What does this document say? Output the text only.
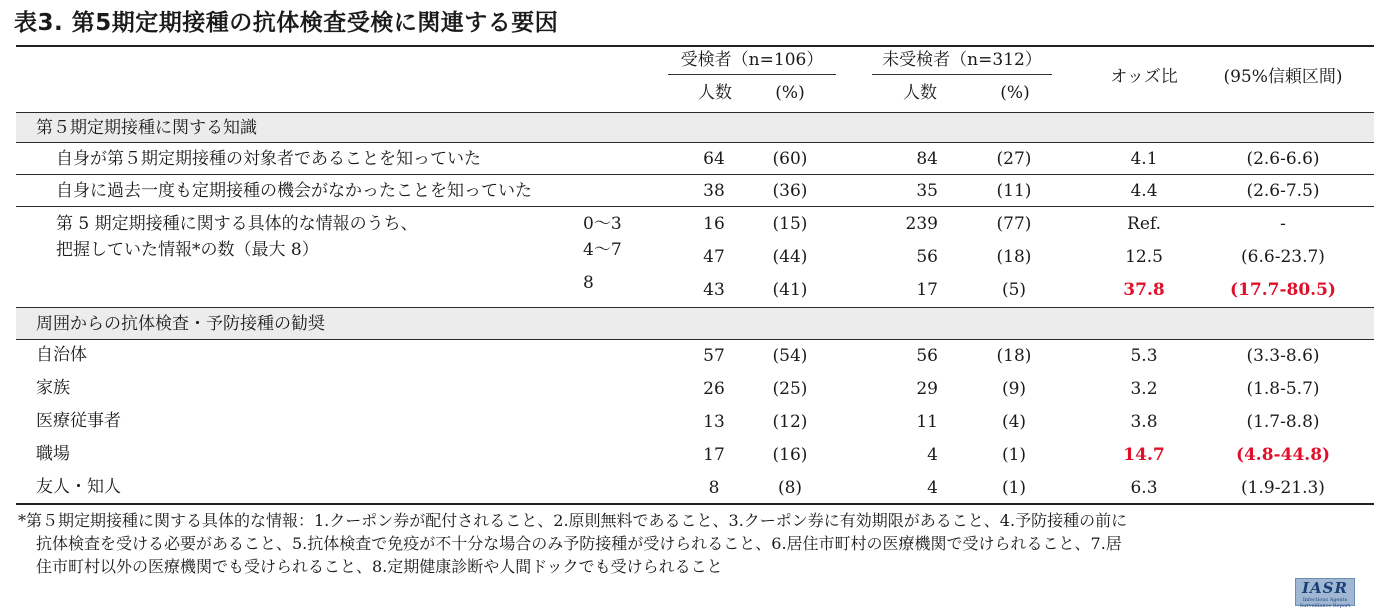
表3. 第5期定期接種の抗体検査受検に関連する要因
受検者（n=106）	未受検者（n=312）
人数	(%)	人数	(%)
オッズ比	(95%信頼区間)
第５期定期接種に関する知識
自身が第５期定期接種の対象者であることを知っていた	64	(60)	84	(27)	4.1	(2.6-6.6)
自身に過去一度も定期接種の機会がなかったことを知っていた	38	(36)	35	(11)	4.4	(2.6-7.5)
第 5 期定期接種に関する具体的な情報のうち、	0～3	16	(15)	239	(77)	Ref.	-
把握していた情報*の数（最大 8）	4～7	47	(44)	56	(18)	12.5	(6.6-23.7)
8	43	(41)	17	(5)	37.8	(17.7-80.5)
周囲からの抗体検査・予防接種の勧奨
自治体	57	(54)	56	(18)	5.3	(3.3-8.6)
家族	26	(25)	29	(9)	3.2	(1.8-5.7)
医療従事者	13	(12)	11	(4)	3.8	(1.7-8.8)
職場	17	(16)	4	(1)	14.7	(4.8-44.8)
友人・知人	8	(8)	4	(1)	6.3	(1.9-21.3)
*第５期定期接種に関する具体的な情報：1.クーポン券が配付されること、2.原則無料であること、3.クーポン券に有効期限があること、4.予防接種の前に
抗体検査を受ける必要があること、5.抗体検査で免疫が不十分な場合のみ予防接種が受けられること、6.居住市町村の医療機関で受けられること、7.居
住市町村以外の医療機関でも受けられること、8.定期健康診断や人間ドックでも受けられること
IASR
Infectious Agents Surveillance Report
